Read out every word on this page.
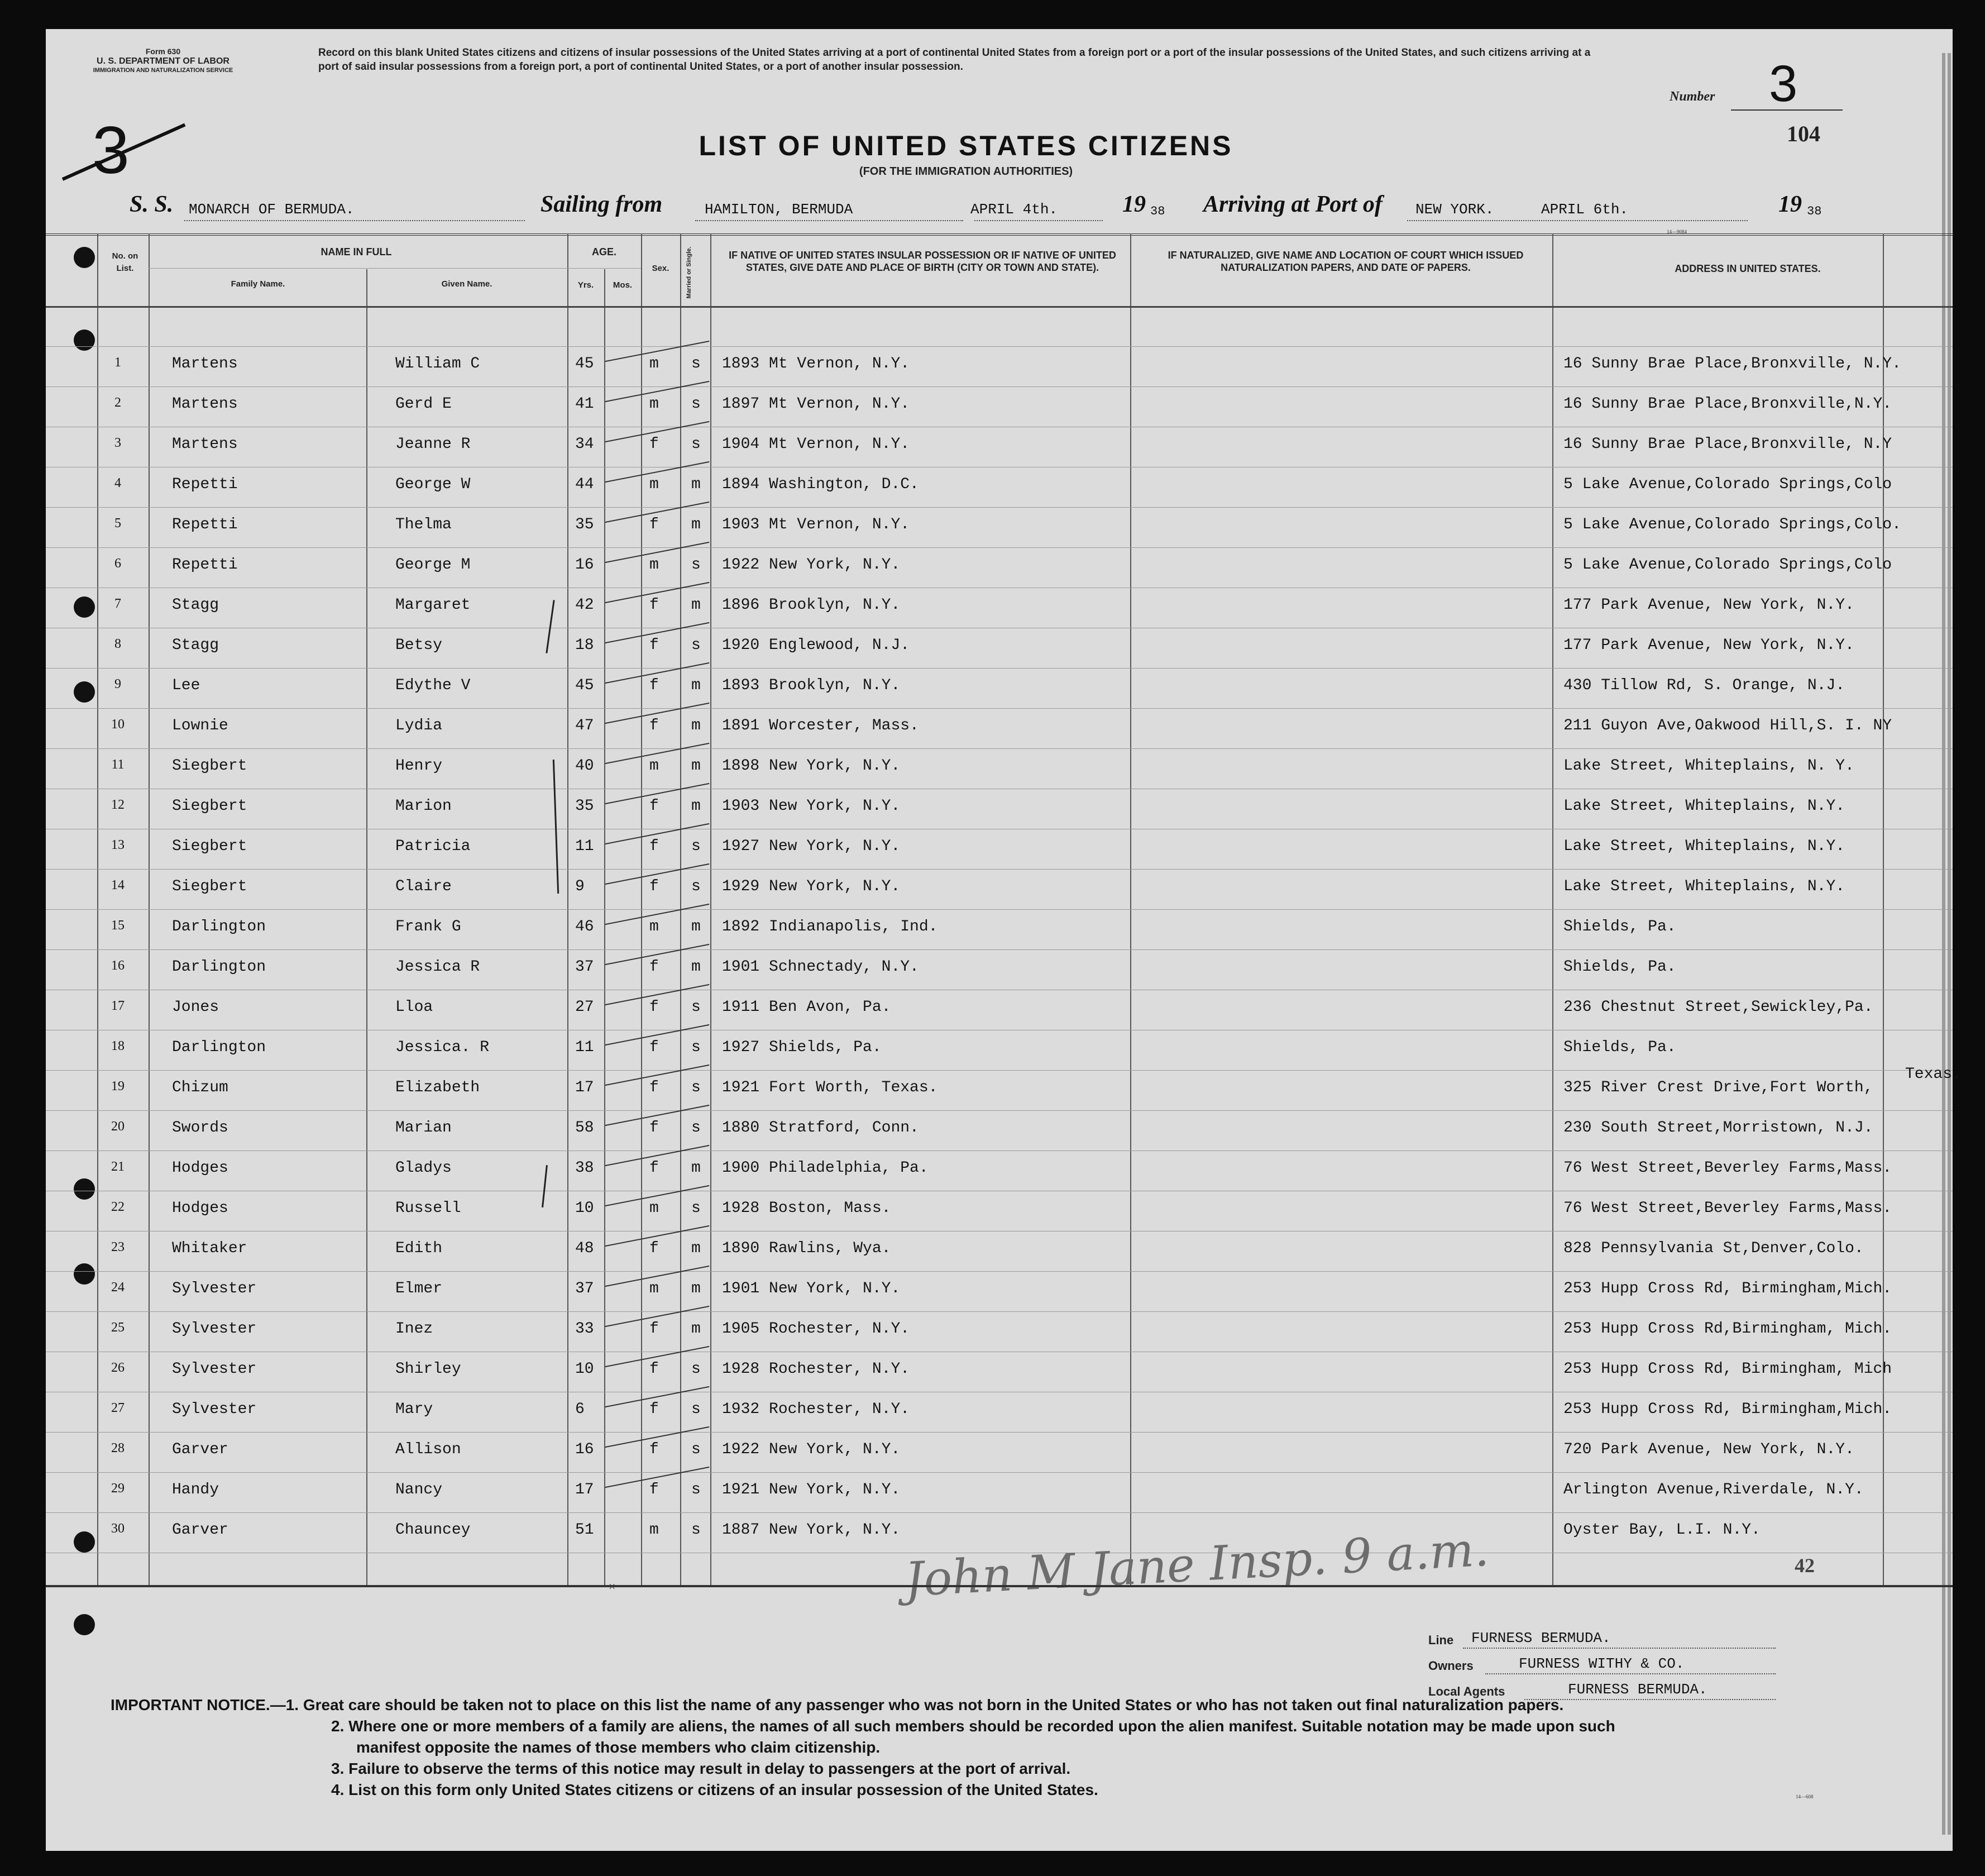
Form 630
U. S. DEPARTMENT OF LABOR
IMMIGRATION AND NATURALIZATION SERVICE
Record on this blank United States citizens and citizens of insular possessions of the United States arriving at a port of continental United States from a foreign port or a port of the insular possessions of the United States, and such citizens arriving at a port of said insular possessions from a foreign port, a port of continental United States, or a port of another insular possession.
Number 3
104
3	LIST OF UNITED STATES CITIZENS
(FOR THE IMMIGRATION AUTHORITIES)
S. S. MONARCH OF BERMUDA.	Sailing from	HAMILTON, BERMUDA	APRIL 4th.	19 38 Arriving at Port of NEW YORK.	APRIL 6th.	19 38
14—9084
No. on List.
NAME IN FULL
Family Name.	Given Name.
AGE.
Yrs.	Mos.
Sex.	Married or Single.	IF NATIVE OF UNITED STATES INSULAR POSSESSION OR IF NATIVE OF UNITED STATES, GIVE DATE AND PLACE OF BIRTH (CITY OR TOWN AND STATE).
IF NATURALIZED, GIVE NAME AND LOCATION OF COURT WHICH ISSUED NATURALIZATION PAPERS, AND DATE OF PAPERS.	ADDRESS IN UNITED STATES.
1	Martens	William C	45	m s 1893 Mt Vernon, N.Y.	16 Sunny Brae Place,Bronxville, N.Y.
2	Martens	Gerd E	41	m s 1897 Mt Vernon, N.Y.	16 Sunny Brae Place,Bronxville,N.Y.
3	Martens	Jeanne R	34	f s 1904 Mt Vernon, N.Y.	16 Sunny Brae Place,Bronxville, N.Y
4	Repetti	George W	44	m m 1894 Washington, D.C.	5 Lake Avenue,Colorado Springs,Colo
5	Repetti	Thelma	35	f m 1903 Mt Vernon, N.Y.	5 Lake Avenue,Colorado Springs,Colo.
6	Repetti	George M	16	m s 1922 New York, N.Y.	5 Lake Avenue,Colorado Springs,Colo
7	Stagg	Margaret	42	f m 1896 Brooklyn, N.Y.	177 Park Avenue, New York, N.Y.
8	Stagg	Betsy	18	f s 1920 Englewood, N.J.	177 Park Avenue, New York, N.Y.
9	Lee	Edythe V	45	f m 1893 Brooklyn, N.Y.	430 Tillow Rd, S. Orange, N.J.
10	Lownie	Lydia	47	f m 1891 Worcester, Mass.	211 Guyon Ave,Oakwood Hill,S. I. NY
11	Siegbert	Henry	40	m m 1898 New York, N.Y.	Lake Street, Whiteplains, N. Y.
12	Siegbert	Marion	35	f m 1903 New York, N.Y.	Lake Street, Whiteplains, N.Y.
13	Siegbert	Patricia	11	f s 1927 New York, N.Y.	Lake Street, Whiteplains, N.Y.
14	Siegbert	Claire	9	f s 1929 New York, N.Y.	Lake Street, Whiteplains, N.Y.
15	Darlington	Frank G	46	m m 1892 Indianapolis, Ind.	Shields, Pa.
16	Darlington	Jessica R	37	f m 1901 Schnectady, N.Y.	Shields, Pa.
17	Jones	Lloa	27	f s 1911 Ben Avon, Pa.	236 Chestnut Street,Sewickley,Pa.
18	Darlington	Jessica. R	11	f s 1927 Shields, Pa.	Shields, Pa.
19	Chizum	Elizabeth	17	f s 1921 Fort Worth, Texas.	325 River Crest Drive,Fort Worth,
20	Swords	Marian	58	f s 1880 Stratford, Conn.	230 South Street,Morristown, N.J.
21	Hodges	Gladys	38	f m 1900 Philadelphia, Pa.	76 West Street,Beverley Farms,Mass.
22	Hodges	Russell	10	m s 1928 Boston, Mass.	76 West Street,Beverley Farms,Mass.
23	Whitaker	Edith	48	f m 1890 Rawlins, Wya.	828 Pennsylvania St,Denver,Colo.
24	Sylvester	Elmer	37	m m 1901 New York, N.Y.	253 Hupp Cross Rd, Birmingham,Mich.
25	Sylvester	Inez	33	f m 1905 Rochester, N.Y.	253 Hupp Cross Rd,Birmingham, Mich.
26	Sylvester	Shirley	10	f s 1928 Rochester, N.Y.	253 Hupp Cross Rd, Birmingham, Mich
27	Sylvester	Mary	6	f s 1932 Rochester, N.Y.	253 Hupp Cross Rd, Birmingham,Mich.
28	Garver	Allison	16	f s 1922 New York, N.Y.	720 Park Avenue, New York, N.Y.
29	Handy	Nancy	17	f s 1921 New York, N.Y.	Arlington Avenue,Riverdale, N.Y.
30	Garver	Chauncey	51	m s 1887 New York, N.Y.	Oyster Bay, L.I. N.Y.
Texas.
42
×	John M Jane Insp. 9 a.m.
Line FURNESS BERMUDA.
Owners	FURNESS WITHY & CO.
Local Agents	FURNESS BERMUDA.
IMPORTANT NOTICE.—1. Great care should be taken not to place on this list the name of any passenger who was not born in the United States or who has not taken out final naturalization papers.
2. Where one or more members of a family are aliens, the names of all such members should be recorded upon the alien manifest. Suitable notation may be made upon such
manifest opposite the names of those members who claim citizenship.
3. Failure to observe the terms of this notice may result in delay to passengers at the port of arrival.
4. List on this form only United States citizens or citizens of an insular possession of the United States.	14—608
